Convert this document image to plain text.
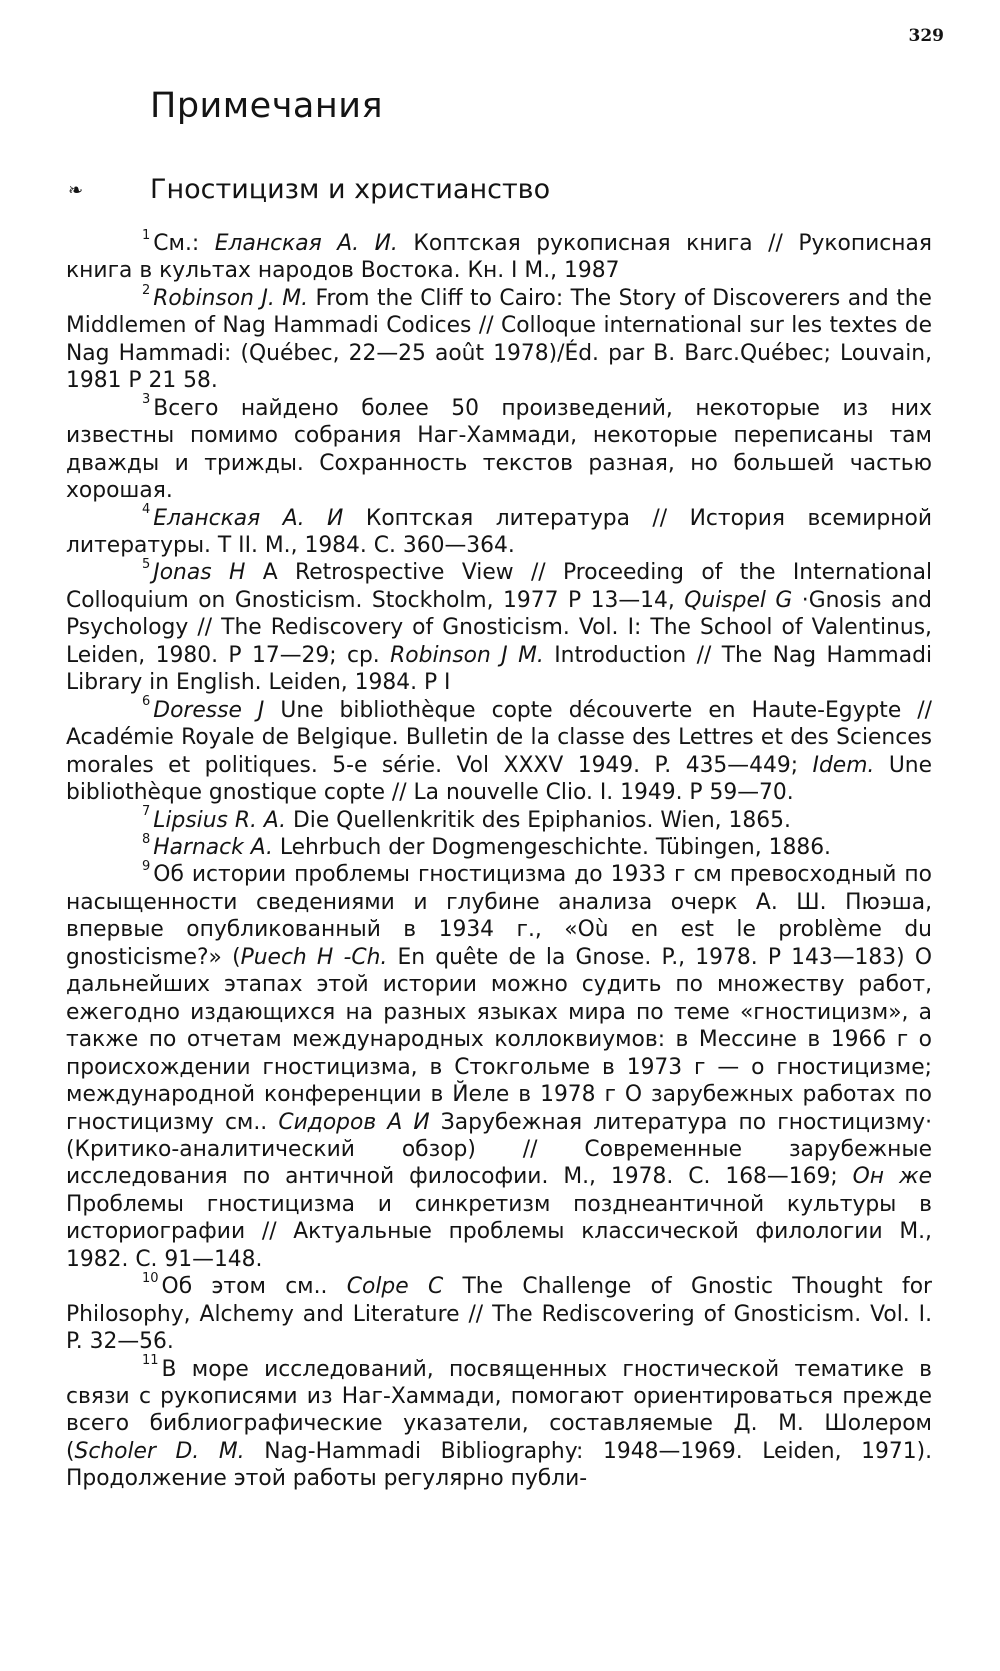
329
Примечания
❧ Гностицизм и христианство

$^1$ См.: Еланская А. И. Коптская рукописная книга // Рукописная книга в культах народов Востока. Кн. I М., 1987

$^2$ Robinson J. M. From the Cliff to Cairo: The Story of Discoverers and the Middlemen of Nag Hammadi Codices // Colloque international sur les textes de Nag Hammadi: (Québec, 22—25 août 1978)/Éd. par B. Barc.Québec; Louvain, 1981 P 21 58.

$^3$ Всего найдено более 50 произведений, некоторые из них известны помимо собрания Наг-Хаммади, некоторые переписаны там дважды и трижды. Сохранность текстов разная, но большей частью хорошая.

$^4$ Еланская А. И Коптская литература // История всемирной литературы. Т II. М., 1984. С. 360—364.

$^5$ Jonas H A Retrospective View // Proceeding of the International Colloquium on Gnosticism. Stockholm, 1977 P 13—14, Quispel G ·Gnosis and Psychology // The Rediscovery of Gnosticism. Vol. I: The School of Valentinus, Leiden, 1980. P 17—29; ср. Robinson J M. Introduction // The Nag Hammadi Library in English. Leiden, 1984. P I

$^6$ Doresse J Une bibliothèque copte découverte en Haute-Egypte // Académie Royale de Belgique. Bulletin de la classe des Lettres et des Sciences morales et politiques. 5-e série. Vol XXXV 1949. P. 435—449; Idem. Une bibliothèque gnostique copte // La nouvelle Clio. I. 1949. P 59—70.

$^7$ Lipsius R. A. Die Quellenkritik des Epiphanios. Wien, 1865.

$^8$ Harnack A. Lehrbuch der Dogmengeschichte. Tübingen, 1886.

$^9$ Об истории проблемы гностицизма до 1933 г см превосходный по насыщенности сведениями и глубине анализа очерк А. Ш. Пюэша, впервые опубликованный в 1934 г., «Où en est le problème du gnosticisme?» (Puech H -Ch. En quête de la Gnose. P., 1978. P 143—183) О дальнейших этапах этой истории можно судить по множеству работ, ежегодно издающихся на разных языках мира по теме «гностицизм», а также по отчетам международных коллоквиумов: в Мессине в 1966 г о происхождении гностицизма, в Стокгольме в 1973 г — о гностицизме; международной конференции в Йеле в 1978 г О зарубежных работах по гностицизму см.. Сидоров А И Зарубежная литература по гностицизму· (Критико-аналитический обзор) // Современные зарубежные исследования по античной философии. М., 1978. С. 168—169; Он же Проблемы гностицизма и синкретизм позднеантичной культуры в историографии // Актуальные проблемы классической филологии М., 1982. С. 91—148.

$^{10}$ Об этом см.. Colpe C The Challenge of Gnostic Thought for Philosophy, Alchemy and Literature // The Rediscovering of Gnosticism. Vol. I. P. 32—56.

$^{11}$ В море исследований, посвященных гностической тематике в связи с рукописями из Наг-Хаммади, помогают ориентироваться прежде всего библиографические указатели, составляемые Д. М. Шолером (Scholer D. M. Nag-Hammadi Bibliography: 1948—1969. Leiden, 1971). Продолжение этой работы регулярно публи-
